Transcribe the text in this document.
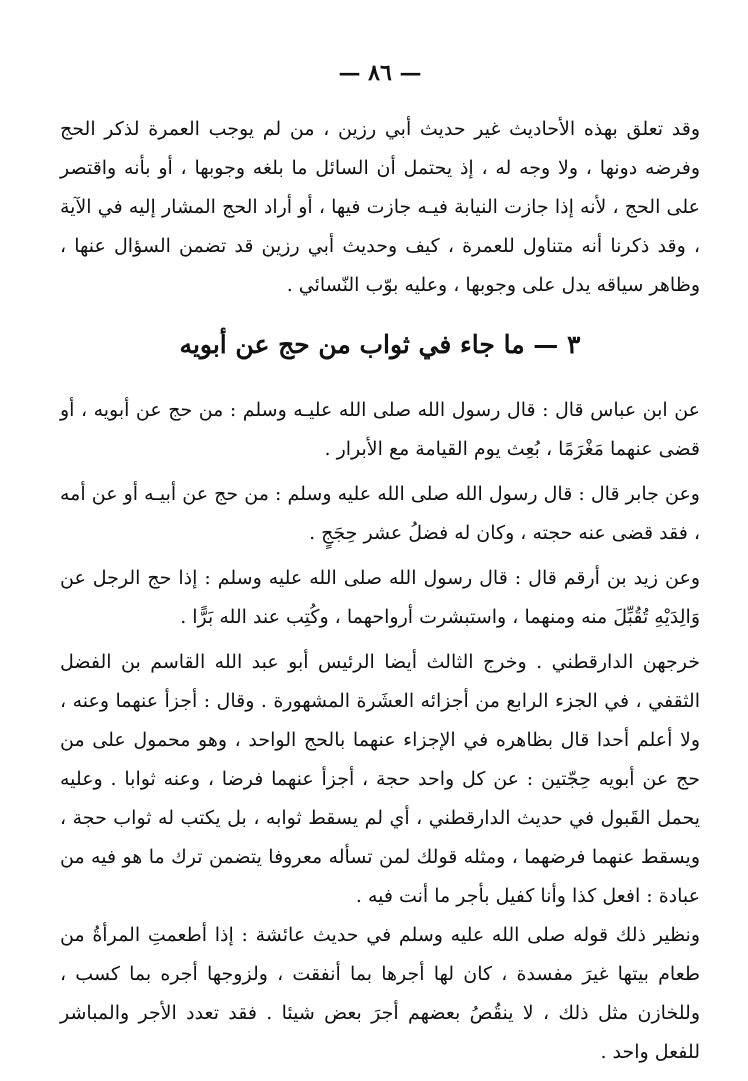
— ٨٦ —

وقد تعلق بهذه الأحاديث غير حديث أبي رزين ، من لم يوجب العمرة لذكر الحج وفرضه دونها ، ولا وجه له ، إذ يحتمل أن السائل ما بلغه وجوبها ، أو بأنه واقتصر على الحج ، لأنه إذا جازت النيابة فيـه جازت فيها ، أو أراد الحج المشار إليه في الآية ، وقد ذكرنا أنه متناول للعمرة ، كيف وحديث أبي رزين قد تضمن السؤال عنها ، وظاهر سياقه يدل على وجوبها ، وعليه بوّب النّسائي .

٣ — ما جاء في ثواب من حج عن أبويه

عن ابن عباس قال : قال رسول الله صلى الله عليـه وسلم : من حج عن أبويه ، أو قضى عنهما مَغْرَمًا ، بُعِث يوم القيامة مع الأبرار .

وعن جابر قال : قال رسول الله صلى الله عليه وسلم : من حج عن أبيـه أو عن أمه ، فقد قضى عنه حجته ، وكان له فضلُ عشر حِجَجٍ .

وعن زيد بن أرقم قال : قال رسول الله صلى الله عليه وسلم : إذا حج الرجل عن وَالِدَيْهِ تُقُبِّلَ منه ومنهما ، واستبشرت أرواحهما ، وكُتِب عند الله بَرًّا .

خرجهن الدارقطني . وخرج الثالث أيضا الرئيس أبو عبد الله القاسم بن الفضل الثقفي ، في الجزء الرابع من أجزائه العشَرة المشهورة . وقال : أجزأ عنهما وعنه ، ولا أعلم أحدا قال بظاهره في الإجزاء عنهما بالحج الواحد ، وهو محمول على من حج عن أبويه حِجّتين : عن كل واحد حجة ، أجزأ عنهما فرضا ، وعنه ثوابا . وعليه يحمل القَبول في حديث الدارقطني ، أي لم يسقط ثوابه ، بل يكتب له ثواب حجة ، ويسقط عنهما فرضهما ، ومثله قولك لمن تسأله معروفا يتضمن ترك ما هو فيه من عبادة : افعل كذا وأنا كفيل بأجر ما أنت فيه .

ونظير ذلك قوله صلى الله عليه وسلم في حديث عائشة : إذا أطعمتِ المرأةُ من طعام بيتها غيرَ مفسدة ، كان لها أجرها بما أنفقت ، ولزوجها أجره بما كسب ، وللخازن مثل ذلك ، لا ينقُصُ بعضهم أجرَ بعض شيئا . فقد تعدد الأجر والمباشر للفعل واحد .
